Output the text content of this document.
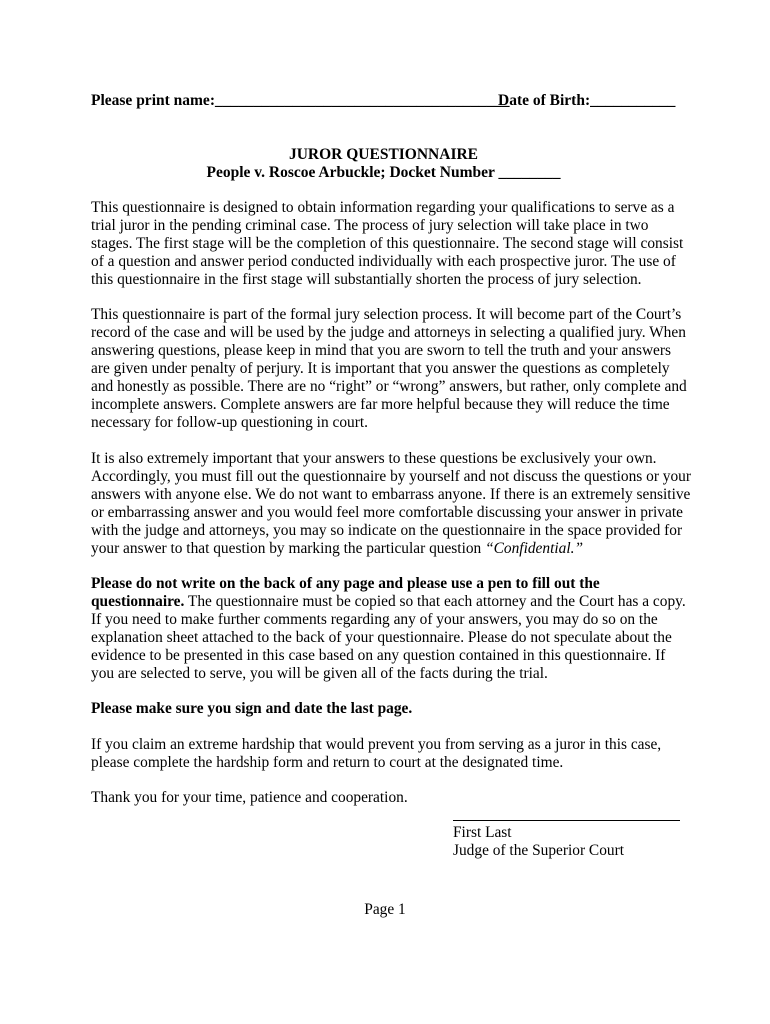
Please print name:______________________________________
Date of Birth:___________
JUROR QUESTIONNAIRE
People v. Roscoe Arbuckle; Docket Number ________

This questionnaire is designed to obtain information regarding your qualifications to serve as a trial juror in the pending criminal case. The process of jury selection will take place in two stages. The first stage will be the completion of this questionnaire. The second stage will consist of a question and answer period conducted individually with each prospective juror. The use of this questionnaire in the first stage will substantially shorten the process of jury selection.

This questionnaire is part of the formal jury selection process. It will become part of the Court’s record of the case and will be used by the judge and attorneys in selecting a qualified jury. When answering questions, please keep in mind that you are sworn to tell the truth and your answers are given under penalty of perjury. It is important that you answer the questions as completely and honestly as possible. There are no “right” or “wrong” answers, but rather, only complete and incomplete answers. Complete answers are far more helpful because they will reduce the time necessary for follow-up questioning in court.

It is also extremely important that your answers to these questions be exclusively your own. Accordingly, you must fill out the questionnaire by yourself and not discuss the questions or your answers with anyone else. We do not want to embarrass anyone. If there is an extremely sensitive or embarrassing answer and you would feel more comfortable discussing your answer in private with the judge and attorneys, you may so indicate on the questionnaire in the space provided for your answer to that question by marking the particular question “Confidential.”

Please do not write on the back of any page and please use a pen to fill out the questionnaire. The questionnaire must be copied so that each attorney and the Court has a copy. If you need to make further comments regarding any of your answers, you may do so on the explanation sheet attached to the back of your questionnaire. Please do not speculate about the evidence to be presented in this case based on any question contained in this questionnaire. If you are selected to serve, you will be given all of the facts during the trial.

Please make sure you sign and date the last page.

If you claim an extreme hardship that would prevent you from serving as a juror in this case, please complete the hardship form and return to court at the designated time.

Thank you for your time, patience and cooperation.

First Last
Judge of the Superior Court
Page 1
